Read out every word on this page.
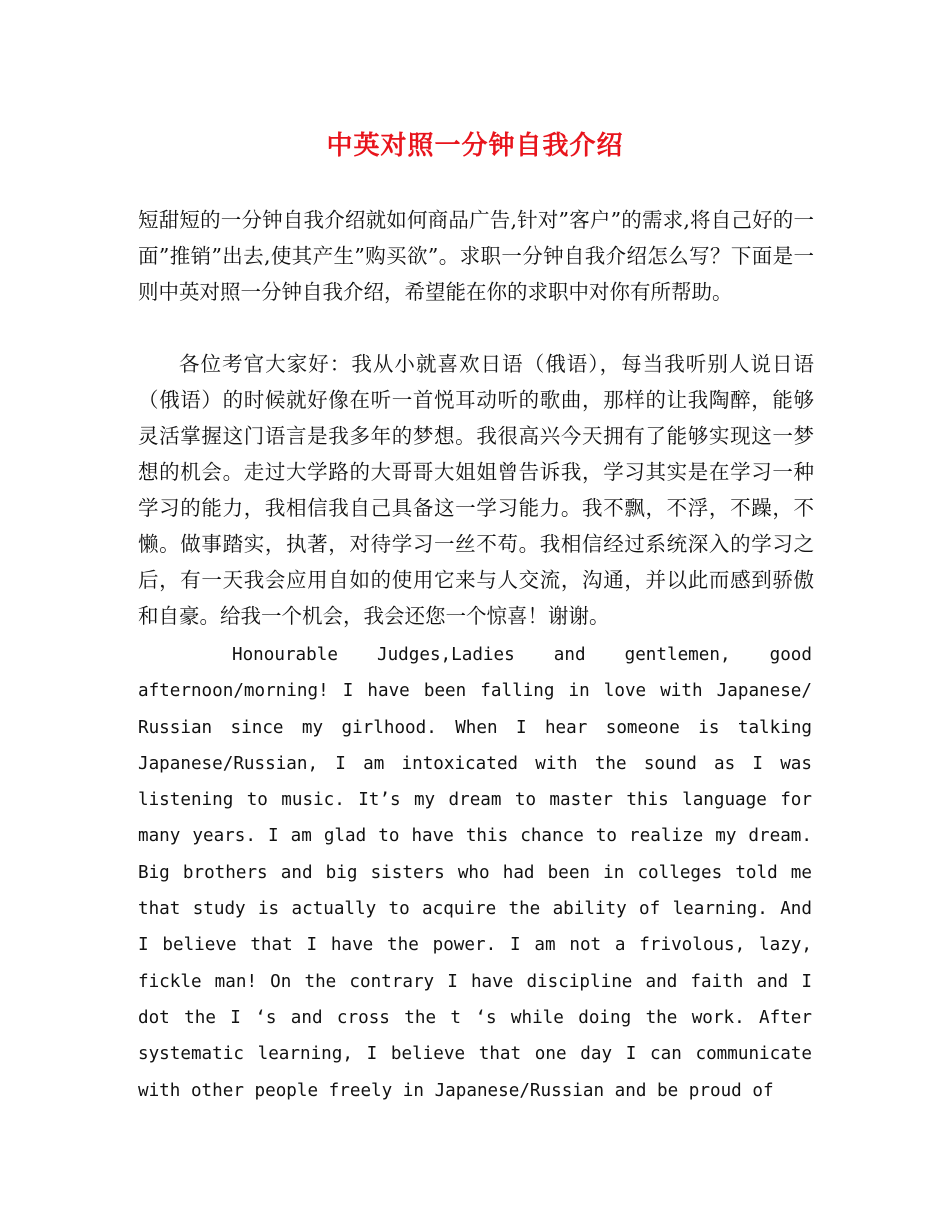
中英对照一分钟自我介绍

短甜短的一分钟自我介绍就如何商品广告,针对”客户”的需求,将自己好的一面”推销”出去,使其产生”购买欲”。求职一分钟自我介绍怎么写？下面是一则中英对照一分钟自我介绍，希望能在你的求职中对你有所帮助。

各位考官大家好：我从小就喜欢日语（俄语），每当我听别人说日语（俄语）的时候就好像在听一首悦耳动听的歌曲，那样的让我陶醉，能够灵活掌握这门语言是我多年的梦想。我很高兴今天拥有了能够实现这一梦想的机会。走过大学路的大哥哥大姐姐曾告诉我，学习其实是在学习一种学习的能力，我相信我自己具备这一学习能力。我不飘，不浮，不躁，不懒。做事踏实，执著，对待学习一丝不苟。我相信经过系统深入的学习之后，有一天我会应用自如的使用它来与人交流，沟通，并以此而感到骄傲和自豪。给我一个机会，我会还您一个惊喜！谢谢。

Honourable Judges,Ladies and gentlemen, good afternoon/morning! I have been falling in love with Japanese/ Russian since my girlhood. When I hear someone is talking Japanese/Russian, I am intoxicated with the sound as I was listening to music. It’s my dream to master this language for many years. I am glad to have this chance to realize my dream. Big brothers and big sisters who had been in colleges told me that study is actually to acquire the ability of learning. And I believe that I have the power. I am not a frivolous, lazy, fickle man! On the contrary I have discipline and faith and I dot the I ‘s and cross the t ‘s while doing the work. After systematic learning, I believe that one day I can communicate with other people freely in Japanese/Russian and be proud of
